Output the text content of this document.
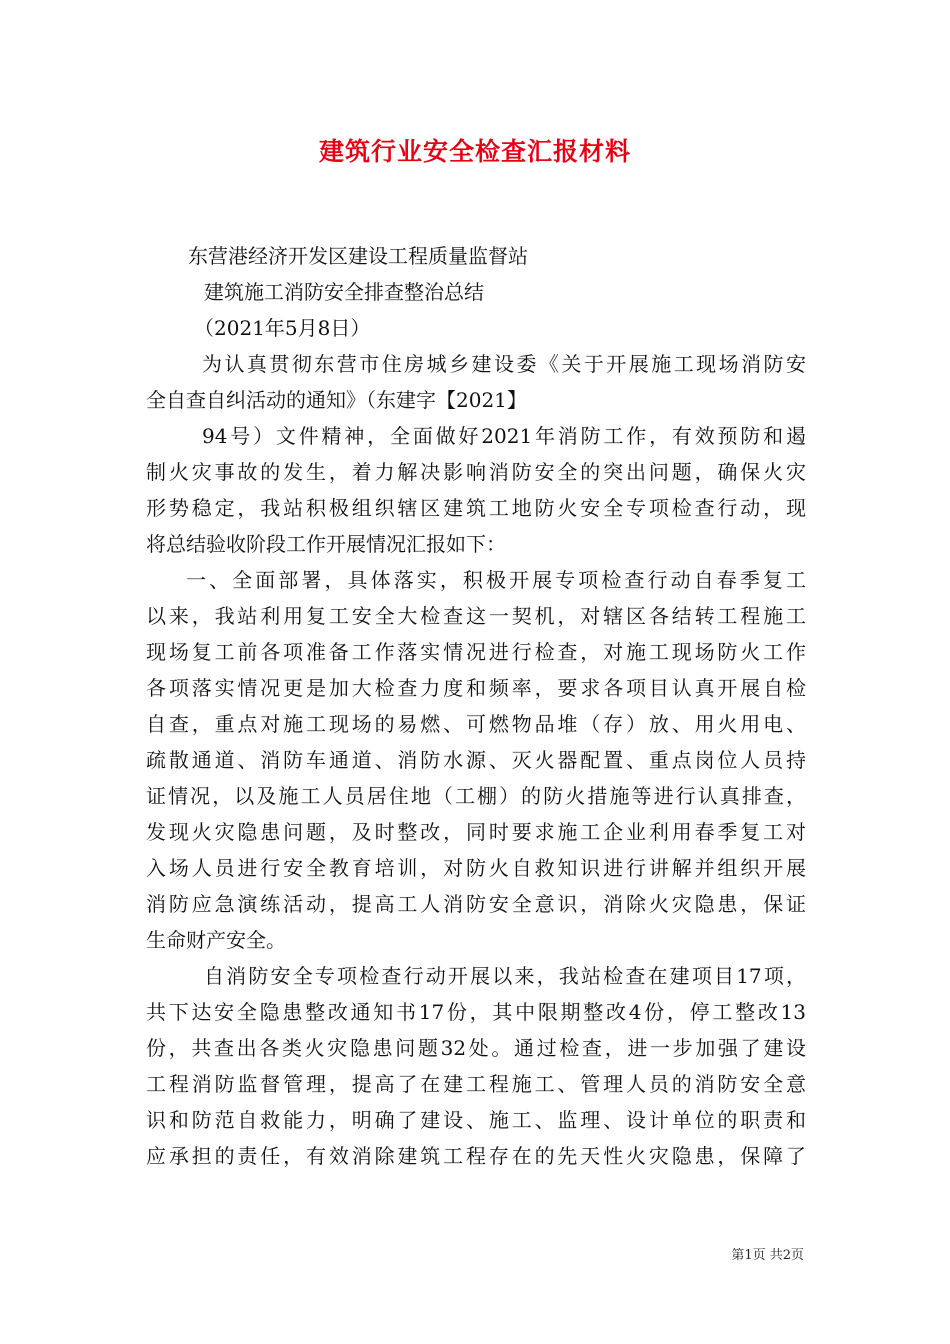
建筑行业安全检查汇报材料

东营港经济开发区建设工程质量监督站

建筑施工消防安全排查整治总结

（2021年5月8日）

为认真贯彻东营市住房城乡建设委《关于开展施工现场消防安

全自查自纠活动的通知》（东建字【2021】

94号）文件精神，全面做好2021年消防工作，有效预防和遏

制火灾事故的发生，着力解决影响消防安全的突出问题，确保火灾

形势稳定，我站积极组织辖区建筑工地防火安全专项检查行动，现

将总结验收阶段工作开展情况汇报如下：

一、全面部署，具体落实，积极开展专项检查行动自春季复工

以来，我站利用复工安全大检查这一契机，对辖区各结转工程施工

现场复工前各项准备工作落实情况进行检查，对施工现场防火工作

各项落实情况更是加大检查力度和频率，要求各项目认真开展自检

自查，重点对施工现场的易燃、可燃物品堆（存）放、用火用电、

疏散通道、消防车通道、消防水源、灭火器配置、重点岗位人员持

证情况，以及施工人员居住地（工棚）的防火措施等进行认真排查，

发现火灾隐患问题，及时整改，同时要求施工企业利用春季复工对

入场人员进行安全教育培训，对防火自救知识进行讲解并组织开展

消防应急演练活动，提高工人消防安全意识，消除火灾隐患，保证

生命财产安全。

自消防安全专项检查行动开展以来，我站检查在建项目17项，

共下达安全隐患整改通知书17份，其中限期整改4份，停工整改13

份，共查出各类火灾隐患问题32处。通过检查，进一步加强了建设

工程消防监督管理，提高了在建工程施工、管理人员的消防安全意

识和防范自救能力，明确了建设、施工、监理、设计单位的职责和

应承担的责任，有效消除建筑工程存在的先天性火灾隐患，保障了

第1页 共2页
